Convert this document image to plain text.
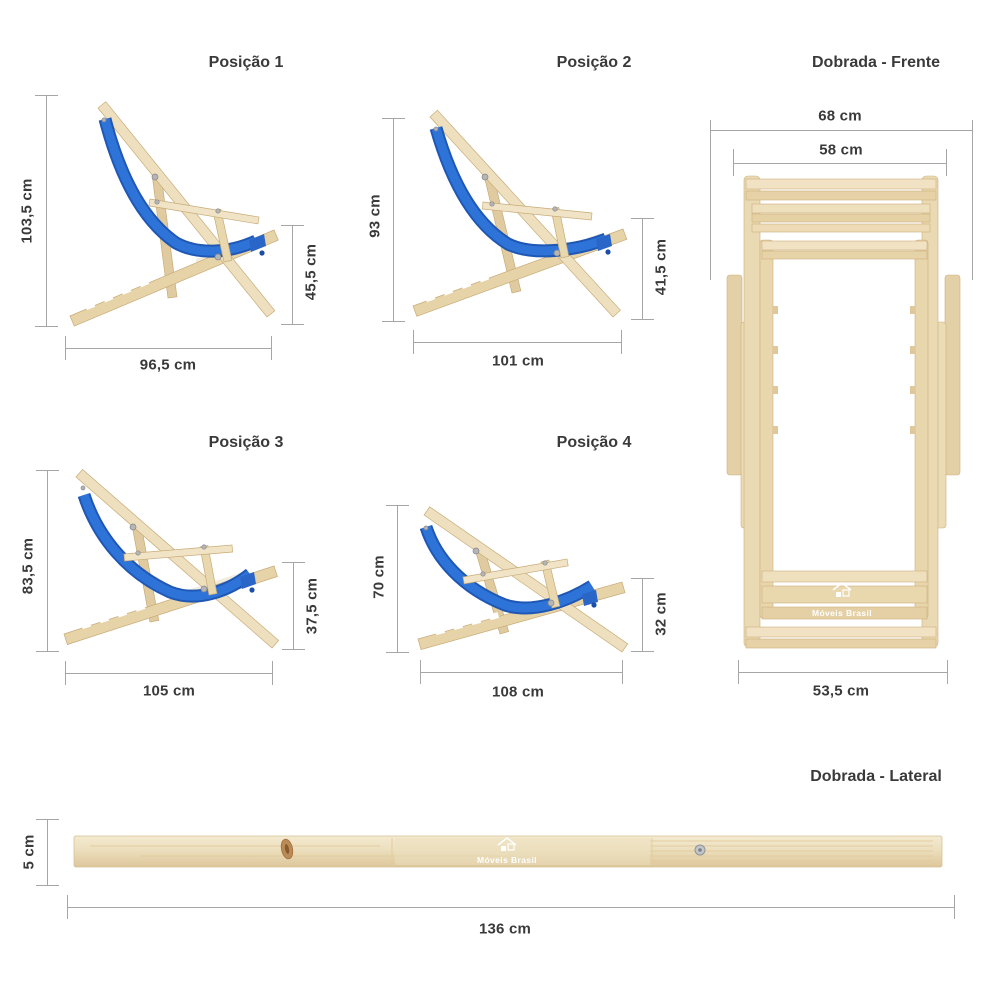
Móveis Brasil
Móveis Brasil
Posição 1	Posição 2	Dobrada - Frente
Posição 3	Posição 4
Dobrada - Lateral
103,5 cm
45,5 cm
96,5 cm
93 cm
41,5 cm
101 cm
83,5 cm
37,5 cm
105 cm
70 cm
32 cm
108 cm
68 cm
58 cm
53,5 cm
5 cm
136 cm
